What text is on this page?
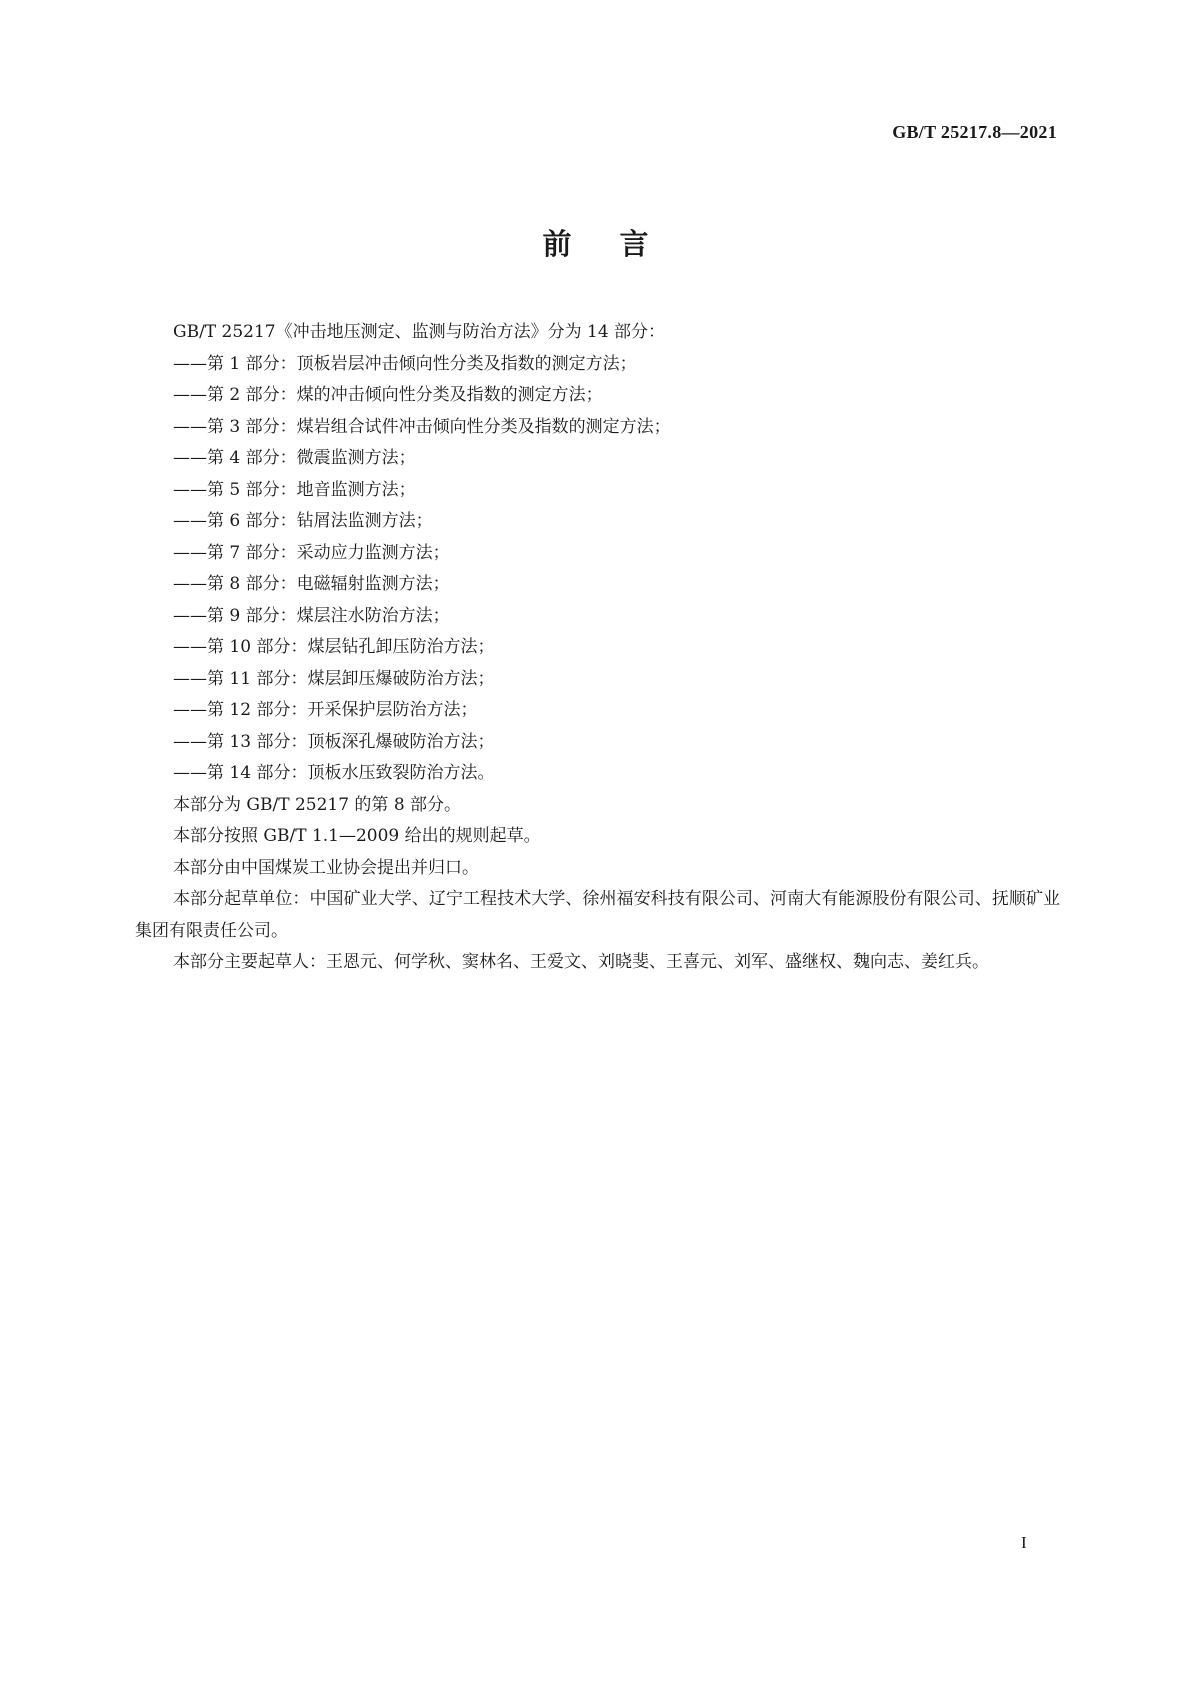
GB/T 25217.8—2021
前言

GB/T 25217《冲击地压测定、监测与防治方法》分为 14 部分：

——第 1 部分：顶板岩层冲击倾向性分类及指数的测定方法；

——第 2 部分：煤的冲击倾向性分类及指数的测定方法；

——第 3 部分：煤岩组合试件冲击倾向性分类及指数的测定方法；

——第 4 部分：微震监测方法；

——第 5 部分：地音监测方法；

——第 6 部分：钻屑法监测方法；

——第 7 部分：采动应力监测方法；

——第 8 部分：电磁辐射监测方法；

——第 9 部分：煤层注水防治方法；

——第 10 部分：煤层钻孔卸压防治方法；

——第 11 部分：煤层卸压爆破防治方法；

——第 12 部分：开采保护层防治方法；

——第 13 部分：顶板深孔爆破防治方法；

——第 14 部分：顶板水压致裂防治方法。

本部分为 GB/T 25217 的第 8 部分。

本部分按照 GB/T 1.1—2009 给出的规则起草。

本部分由中国煤炭工业协会提出并归口。

本部分起草单位：中国矿业大学、辽宁工程技术大学、徐州福安科技有限公司、河南大有能源股份有限公司、抚顺矿业集团有限责任公司。

本部分主要起草人：王恩元、何学秋、窦林名、王爱文、刘晓斐、王喜元、刘军、盛继权、魏向志、姜红兵。

I
